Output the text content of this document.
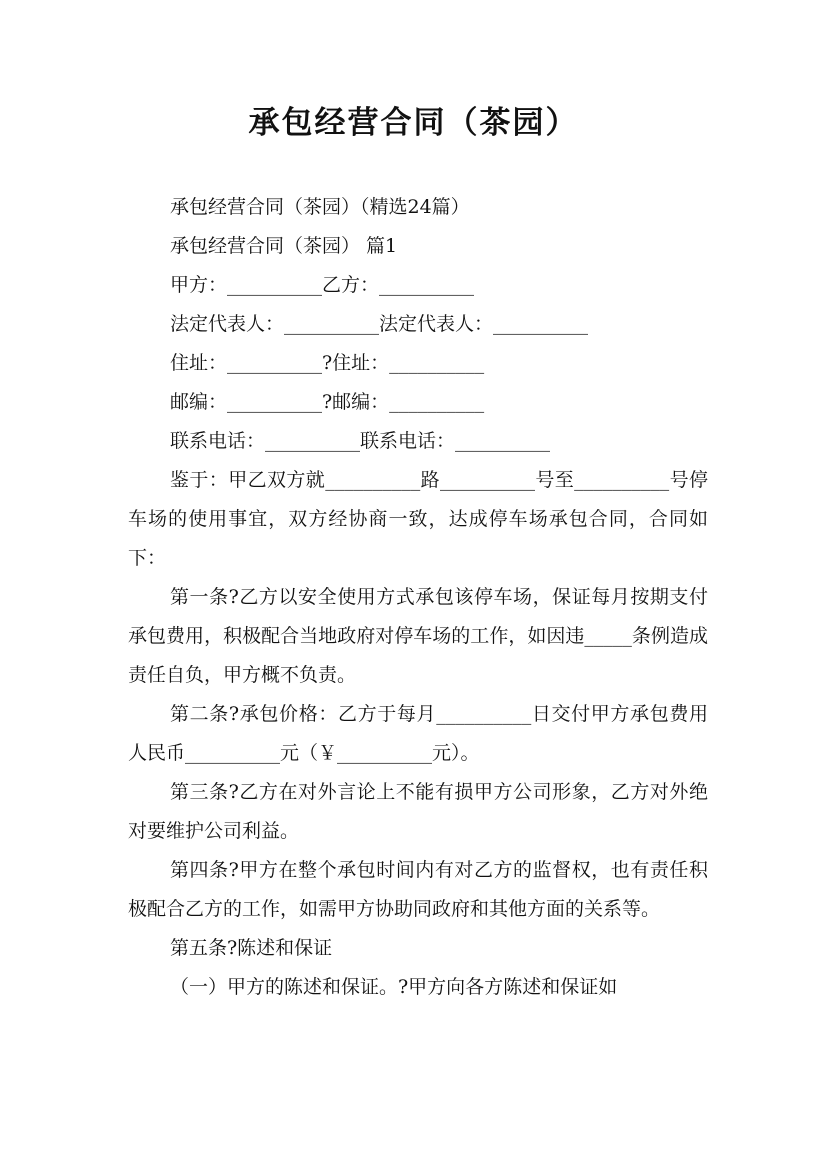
承包经营合同（茶园）
承包经营合同（茶园）（精选24篇）
承包经营合同（茶园） 篇1
甲方：__________乙方：__________
法定代表人：__________法定代表人：__________
住址：__________?住址：__________
邮编：__________?邮编：__________
联系电话：__________联系电话：__________
鉴于：甲乙双方就__________路__________号至__________号停车场的使用事宜，双方经协商一致，达成停车场承包合同，合同如下：
第一条?乙方以安全使用方式承包该停车场，保证每月按期支付承包费用，积极配合当地政府对停车场的工作，如因违_____条例造成责任自负，甲方概不负责。
第二条?承包价格：乙方于每月__________日交付甲方承包费用人民币__________元（￥__________元）。
第三条?乙方在对外言论上不能有损甲方公司形象，乙方对外绝对要维护公司利益。
第四条?甲方在整个承包时间内有对乙方的监督权，也有责任积极配合乙方的工作，如需甲方协助同政府和其他方面的关系等。
第五条?陈述和保证
（一）甲方的陈述和保证。?甲方向各方陈述和保证如
